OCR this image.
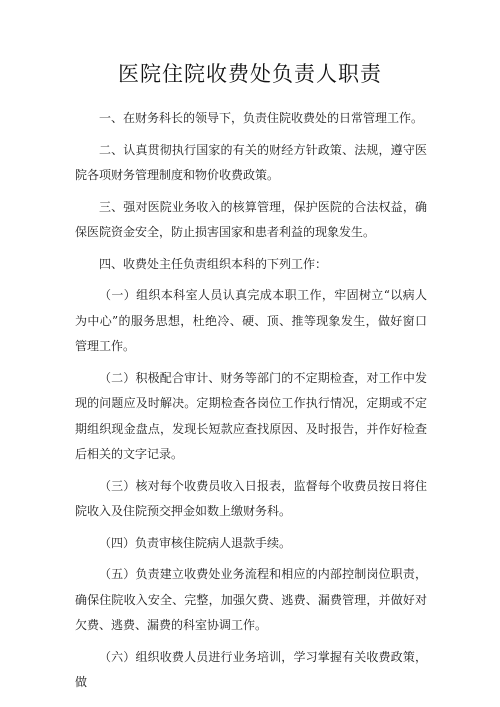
医院住院收费处负责人职责

一、在财务科长的领导下，负责住院收费处的日常管理工作。

二、认真贯彻执行国家的有关的财经方针政策、法规，遵守医院各项财务管理制度和物价收费政策。

三、强对医院业务收入的核算管理，保护医院的合法权益，确保医院资金安全，防止损害国家和患者利益的现象发生。

四、收费处主任负责组织本科的下列工作：

（一）组织本科室人员认真完成本职工作，牢固树立“以病人为中心”的服务思想，杜绝冷、硬、顶、推等现象发生，做好窗口管理工作。

（二）积极配合审计、财务等部门的不定期检查，对工作中发现的问题应及时解决。定期检查各岗位工作执行情况，定期或不定期组织现金盘点，发现长短款应查找原因、及时报告，并作好检查后相关的文字记录。

（三）核对每个收费员收入日报表，监督每个收费员按日将住院收入及住院预交押金如数上缴财务科。

（四）负责审核住院病人退款手续。

（五）负责建立收费处业务流程和相应的内部控制岗位职责，确保住院收入安全、完整，加强欠费、逃费、漏费管理，并做好对欠费、逃费、漏费的科室协调工作。

（六）组织收费人员进行业务培训，学习掌握有关收费政策，做
